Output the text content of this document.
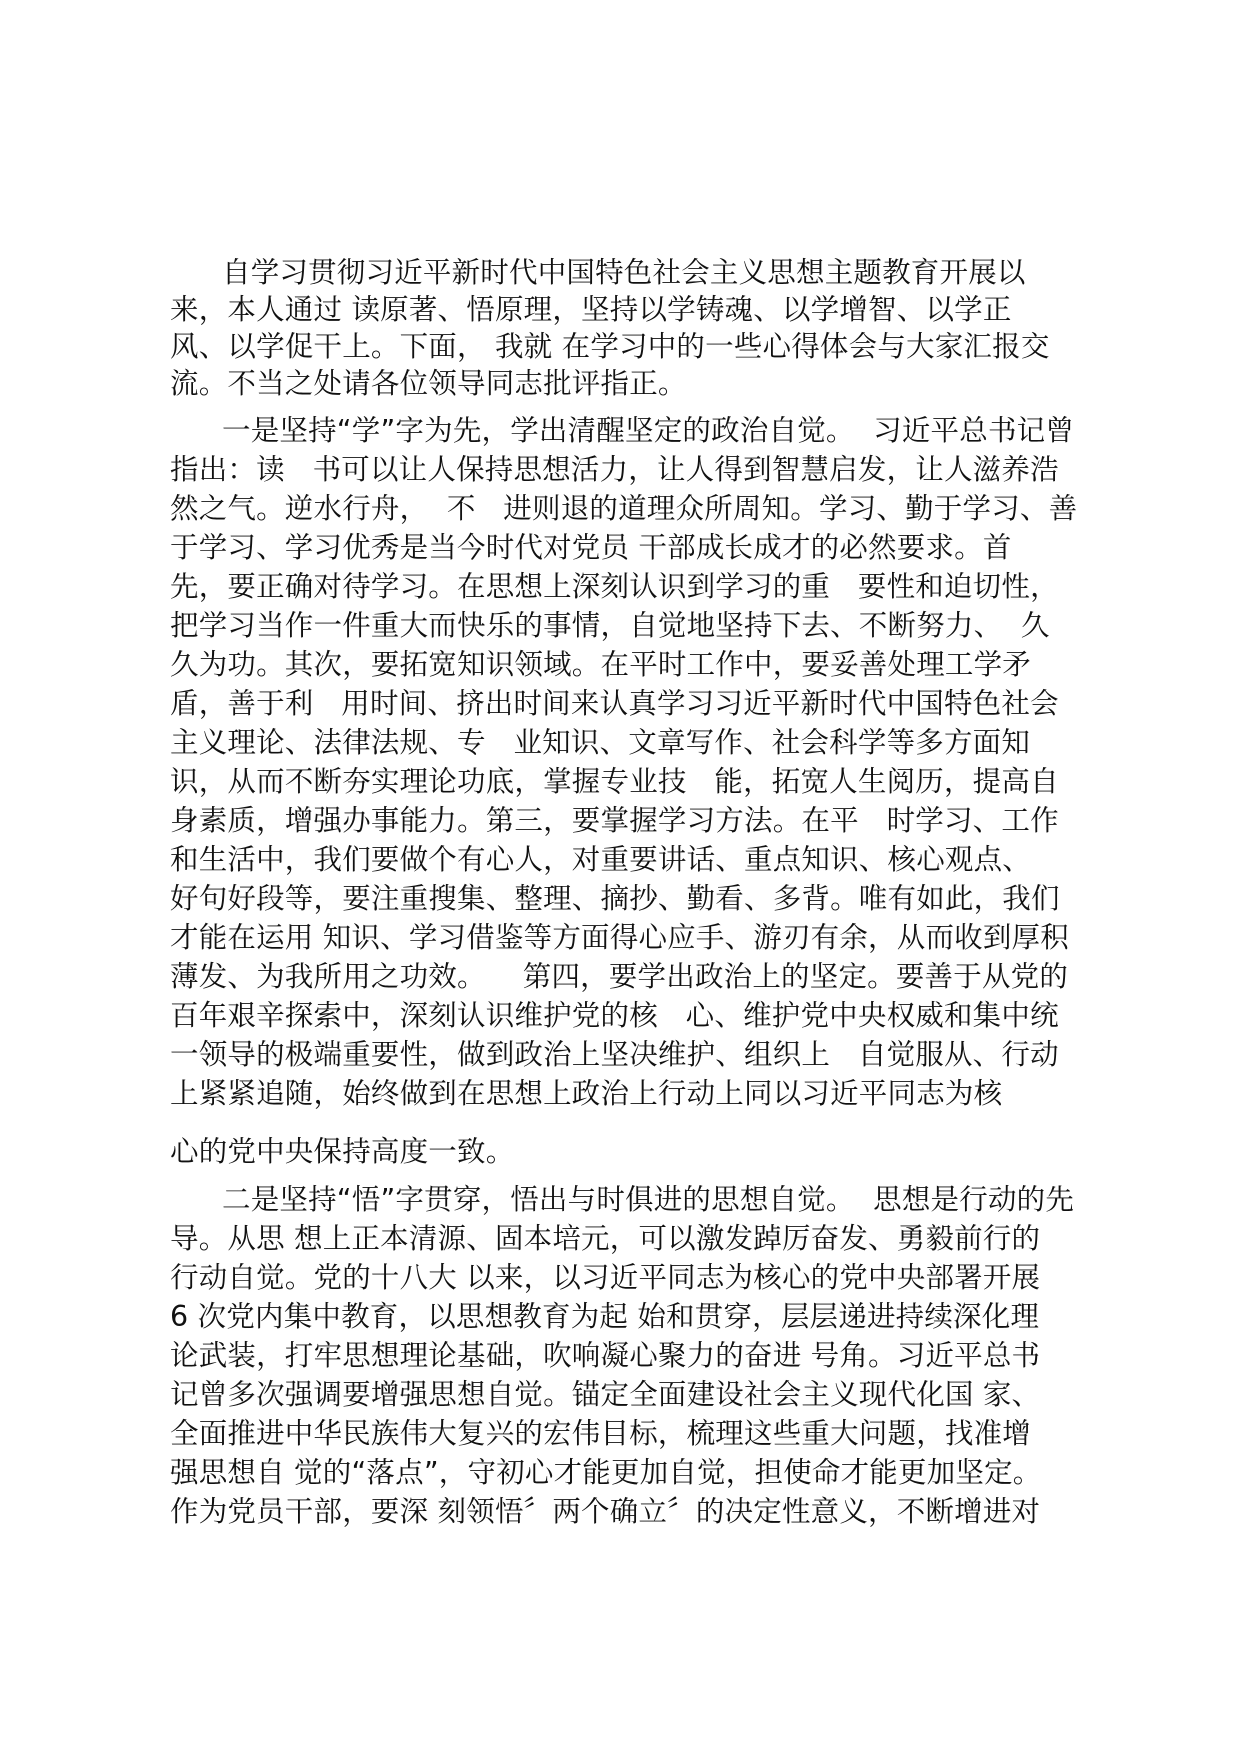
自学习贯彻习近平新时代中国特色社会主义思想主题教育开展以
来，本人通过 读原著、悟原理，坚持以学铸魂、以学增智、以学正
风、以学促干上。下面， 我就 在学习中的一些心得体会与大家汇报交
流。不当之处请各位领导同志批评指正。
一是坚持“学”字为先，学出清醒坚定的政治自觉。  习近平总书记曾
指出：读   书可以让人保持思想活力，让人得到智慧启发，让人滋养浩
然之气。逆水行舟，  不   进则退的道理众所周知。学习、勤于学习、善
于学习、学习优秀是当今时代对党员 干部成长成才的必然要求。首
先，要正确对待学习。在思想上深刻认识到学习的重   要性和迫切性，
把学习当作一件重大而快乐的事情，自觉地坚持下去、不断努力、  久
久为功。其次，要拓宽知识领域。在平时工作中，要妥善处理工学矛
盾，善于利   用时间、挤出时间来认真学习习近平新时代中国特色社会
主义理论、法律法规、专   业知识、文章写作、社会科学等多方面知
识，从而不断夯实理论功底，掌握专业技   能，拓宽人生阅历，提高自
身素质，增强办事能力。第三，要掌握学习方法。在平   时学习、工作
和生活中，我们要做个有心人，对重要讲话、重点知识、核心观点、
好句好段等，要注重搜集、整理、摘抄、勤看、多背。唯有如此，我们
才能在运用 知识、学习借鉴等方面得心应手、游刃有余，从而收到厚积
薄发、为我所用之功效。    第四，要学出政治上的坚定。要善于从党的
百年艰辛探索中，深刻认识维护党的核   心、维护党中央权威和集中统
一领导的极端重要性，做到政治上坚决维护、组织上   自觉服从、行动
上紧紧追随，始终做到在思想上政治上行动上同以习近平同志为核
心的党中央保持高度一致。
二是坚持“悟”字贯穿，悟出与时俱进的思想自觉。  思想是行动的先
导。从思 想上正本清源、固本培元，可以激发踔厉奋发、勇毅前行的
行动自觉。党的十八大 以来，以习近平同志为核心的党中央部署开展
6 次党内集中教育，以思想教育为起 始和贯穿，层层递进持续深化理
论武装，打牢思想理论基础，吹响凝心聚力的奋进 号角。习近平总书
记曾多次强调要增强思想自觉。锚定全面建设社会主义现代化国 家、
全面推进中华民族伟大复兴的宏伟目标，梳理这些重大问题，找准增
强思想自 觉的“落点”，守初心才能更加自觉，担使命才能更加坚定。
作为党员干部，要深 刻领悟〞两个确立〞的决定性意义，不断增进对
